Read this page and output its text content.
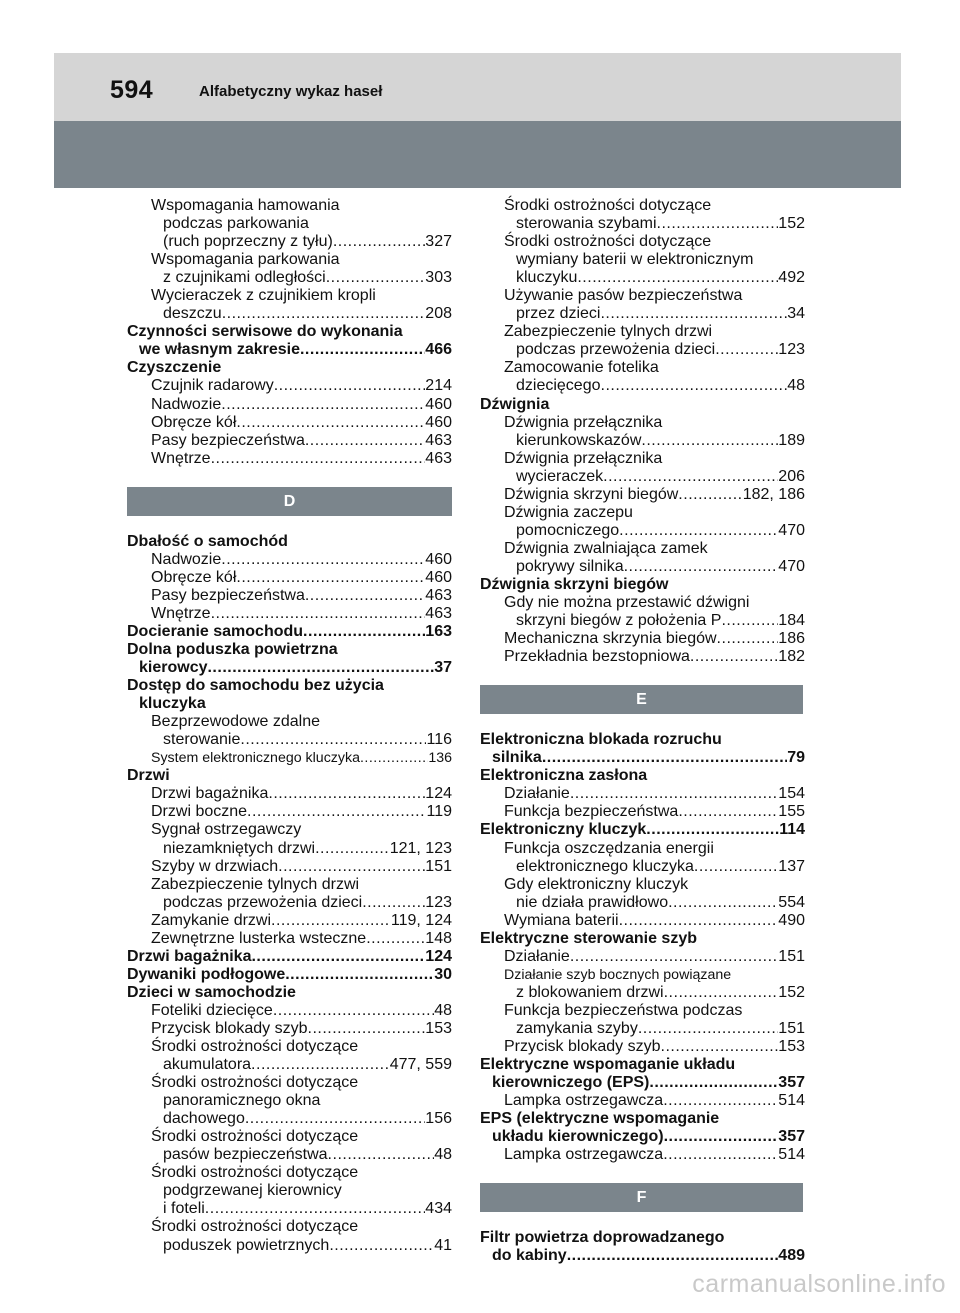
594	Alfabetyczny wykaz haseł
Wspomagania hamowania
podczas parkowania
(ruch poprzeczny z tyłu) .....	327
Wspomagania parkowania
z czujnikami odległości .....	303
Wycieraczek z czujnikiem kropli
deszczu .....	208
Czynności serwisowe do wykonania
we własnym zakresie .....	466
Czyszczenie
Czujnik radarowy .....	214
Nadwozie .....	460
Obręcze kół .....	460
Pasy bezpieczeństwa .....	463
Wnętrze .....	463
D
Dbałość o samochód
Nadwozie .....	460
Obręcze kół .....	460
Pasy bezpieczeństwa .....	463
Wnętrze .....	463
Docieranie samochodu .....	163
Dolna poduszka powietrzna
kierowcy .....	37
Dostęp do samochodu bez użycia
kluczyka
Bezprzewodowe zdalne
sterowanie .....	116
System elektronicznego kluczyka .....	136
Drzwi
Drzwi bagażnika .....	124
Drzwi boczne .....	119
Sygnał ostrzegawczy
niezamkniętych drzwi .....	121, 123
Szyby w drzwiach .....	151
Zabezpieczenie tylnych drzwi
podczas przewożenia dzieci .....	123
Zamykanie drzwi .....	119, 124
Zewnętrzne lusterka wsteczne .....	148
Drzwi bagażnika .....	124
Dywaniki podłogowe .....	30
Dzieci w samochodzie
Foteliki dziecięce .....	48
Przycisk blokady szyb .....	153
Środki ostrożności dotyczące
akumulatora .....	477, 559
Środki ostrożności dotyczące
panoramicznego okna
dachowego .....	156
Środki ostrożności dotyczące
pasów bezpieczeństwa .....	48
Środki ostrożności dotyczące
podgrzewanej kierownicy
i foteli .....	434
Środki ostrożności dotyczące
poduszek powietrznych .....	41
Środki ostrożności dotyczące
sterowania szybami .....	152
Środki ostrożności dotyczące
wymiany baterii w elektronicznym
kluczyku .....	492
Używanie pasów bezpieczeństwa
przez dzieci .....	34
Zabezpieczenie tylnych drzwi
podczas przewożenia dzieci .....	123
Zamocowanie fotelika
dziecięcego .....	48
Dźwignia
Dźwignia przełącznika
kierunkowskazów .....	189
Dźwignia przełącznika
wycieraczek .....	206
Dźwignia skrzyni biegów .....	182, 186
Dźwignia zaczepu
pomocniczego .....	470
Dźwignia zwalniająca zamek
pokrywy silnika .....	470
Dźwignia skrzyni biegów
Gdy nie można przestawić dźwigni
skrzyni biegów z położenia P .....	184
Mechaniczna skrzynia biegów .....	186
Przekładnia bezstopniowa .....	182
E
Elektroniczna blokada rozruchu
silnika .....	79
Elektroniczna zasłona
Działanie .....	154
Funkcja bezpieczeństwa .....	155
Elektroniczny kluczyk .....	114
Funkcja oszczędzania energii
elektronicznego kluczyka .....	137
Gdy elektroniczny kluczyk
nie działa prawidłowo .....	554
Wymiana baterii .....	490
Elektryczne sterowanie szyb
Działanie .....	151
Działanie szyb bocznych powiązane
z blokowaniem drzwi .....	152
Funkcja bezpieczeństwa podczas
zamykania szyby .....	151
Przycisk blokady szyb .....	153
Elektryczne wspomaganie układu
kierowniczego (EPS) .....	357
Lampka ostrzegawcza .....	514
EPS (elektryczne wspomaganie
układu kierowniczego) .....	357
Lampka ostrzegawcza .....	514
F
Filtr powietrza doprowadzanego
do kabiny .....	489
carmanualsonline.info
